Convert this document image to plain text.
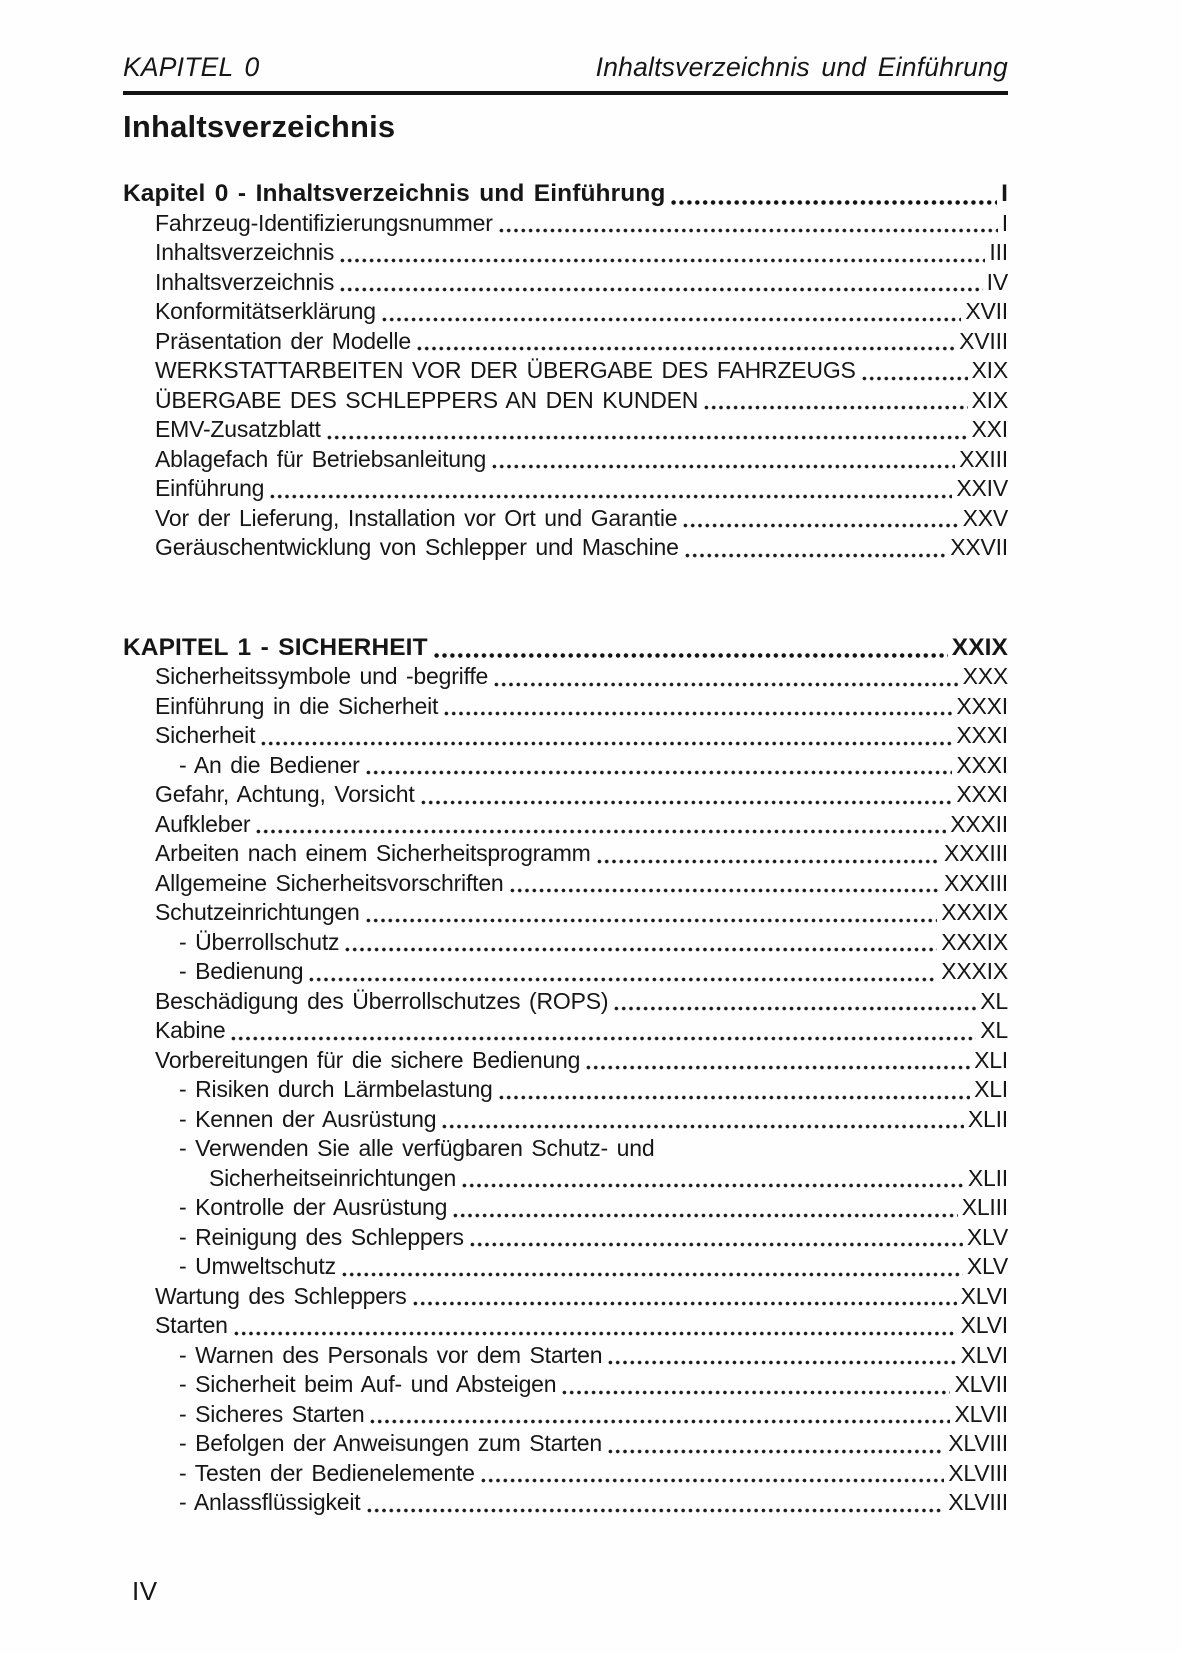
KAPITEL 0	Inhaltsverzeichnis und Einführung
Inhaltsverzeichnis
Kapitel 0 - Inhaltsverzeichnis und Einführung	I
Fahrzeug-Identifizierungsnummer	I
Inhaltsverzeichnis	III
Inhaltsverzeichnis	IV
Konformitätserklärung	XVII
Präsentation der Modelle	XVIII
WERKSTATTARBEITEN VOR DER ÜBERGABE DES FAHRZEUGS	XIX
ÜBERGABE DES SCHLEPPERS AN DEN KUNDEN	XIX
EMV-Zusatzblatt	XXI
Ablagefach für Betriebsanleitung	XXIII
Einführung	XXIV
Vor der Lieferung, Installation vor Ort und Garantie	XXV
Geräuschentwicklung von Schlepper und Maschine	XXVII
KAPITEL 1 - SICHERHEIT	XXIX
Sicherheitssymbole und -begriffe	XXX
Einführung in die Sicherheit	XXXI
Sicherheit	XXXI
- An die Bediener	XXXI
Gefahr, Achtung, Vorsicht	XXXI
Aufkleber	XXXII
Arbeiten nach einem Sicherheitsprogramm	XXXIII
Allgemeine Sicherheitsvorschriften	XXXIII
Schutzeinrichtungen	XXXIX
- Überrollschutz	XXXIX
- Bedienung	XXXIX
Beschädigung des Überrollschutzes (ROPS)	XL
Kabine	XL
Vorbereitungen für die sichere Bedienung	XLI
- Risiken durch Lärmbelastung	XLI
- Kennen der Ausrüstung	XLII
- Verwenden Sie alle verfügbaren Schutz- und
Sicherheitseinrichtungen	XLII
- Kontrolle der Ausrüstung	XLIII
- Reinigung des Schleppers	XLV
- Umweltschutz	XLV
Wartung des Schleppers	XLVI
Starten	XLVI
- Warnen des Personals vor dem Starten	XLVI
- Sicherheit beim Auf- und Absteigen	XLVII
- Sicheres Starten	XLVII
- Befolgen der Anweisungen zum Starten	XLVIII
- Testen der Bedienelemente	XLVIII
- Anlassflüssigkeit	XLVIII
IV
